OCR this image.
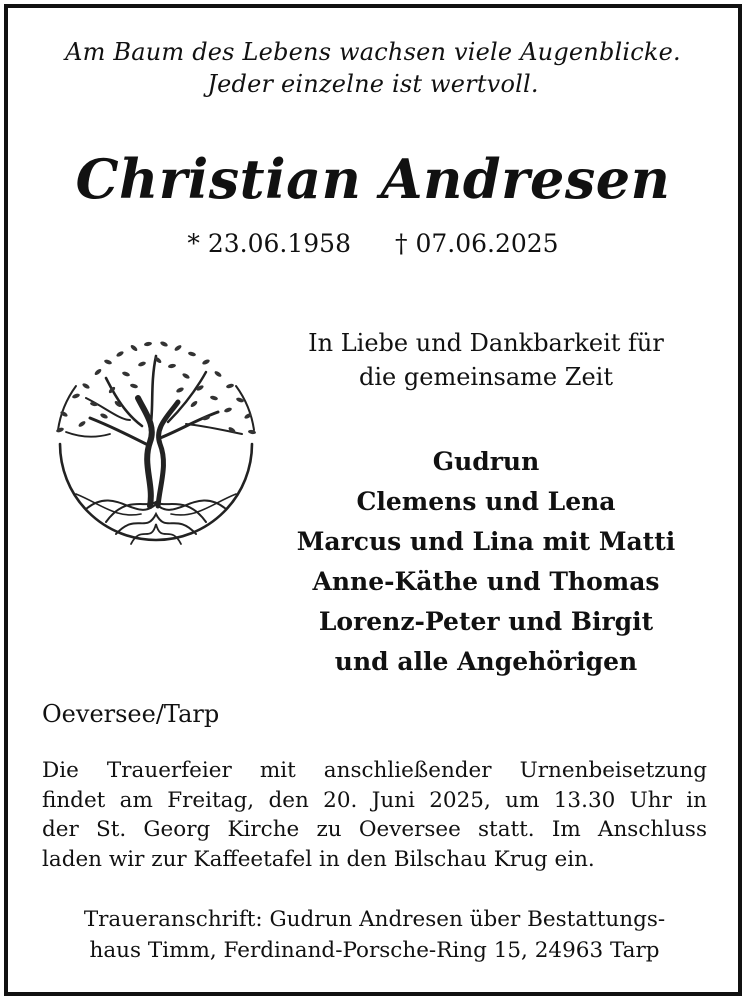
Am Baum des Lebens wachsen viele Augenblicke.
Jeder einzelne ist wertvoll.
Christian Andresen
* 23.06.1958 † 07.06.2025
In Liebe und Dankbarkeit für
die gemeinsame Zeit
Gudrun
Clemens und Lena
Marcus und Lina mit Matti
Anne-Käthe und Thomas
Lorenz-Peter und Birgit
und alle Angehörigen
Oeversee/Tarp
Die Trauerfeier mit anschließender Urnenbeisetzung
findet am Freitag, den 20. Juni 2025, um 13.30 Uhr in
der St. Georg Kirche zu Oeversee statt. Im Anschluss
laden wir zur Kaffeetafel in den Bilschau Krug ein.
Traueranschrift: Gudrun Andresen über Bestattungs-
haus Timm, Ferdinand-Porsche-Ring 15, 24963 Tarp
